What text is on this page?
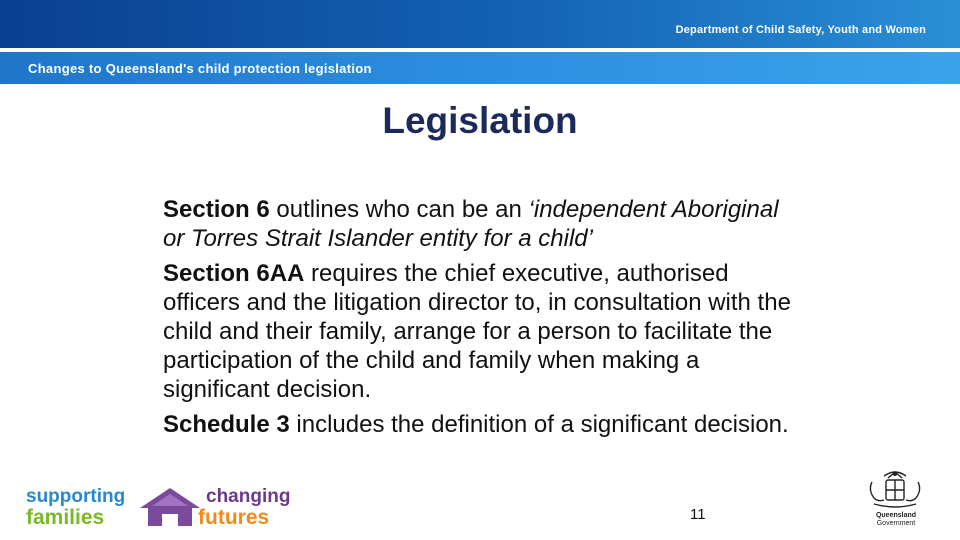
Department of Child Safety, Youth and Women
Changes to Queensland's child protection legislation
Legislation

Section 6 outlines who can be an ‘independent Aboriginal or Torres Strait Islander entity for a child’

Section 6AA requires the chief executive, authorised officers and the litigation director to, in consultation with the child and their family, arrange for a person to facilitate the participation of the child and family when making a significant decision.

Schedule 3 includes the definition of a significant decision.

supporting
families
changing
futures	11	Queensland
Government
